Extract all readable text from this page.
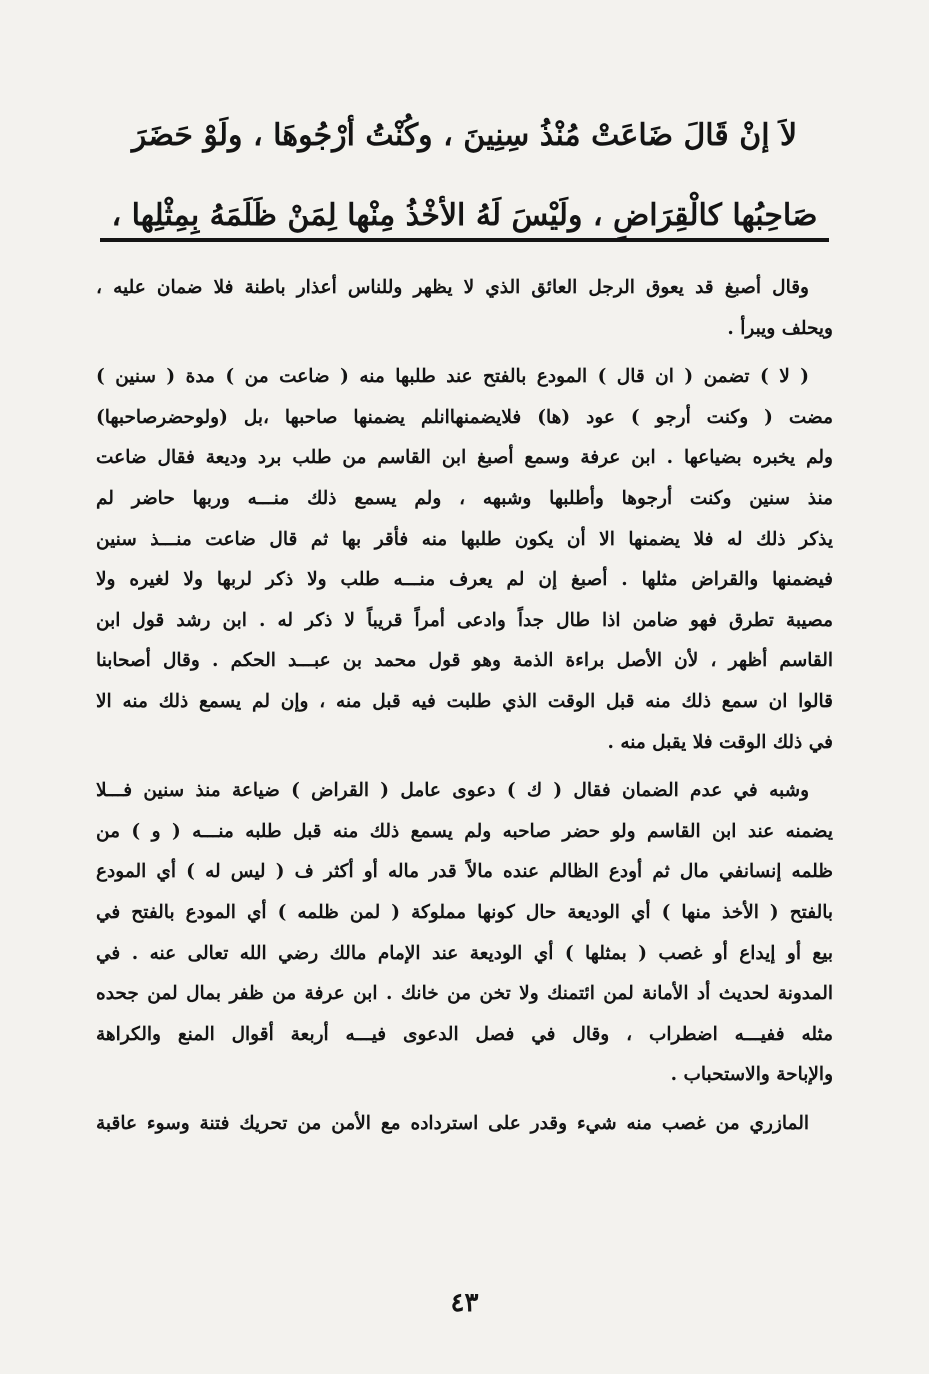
لاَ إنْ قَالَ ضَاعَتْ مُنْذُ سِنِينَ ، وكُنْتُ أرْجُوهَا ، ولَوْ حَضَرَ
صَاحِبُها كالْقِرَاضِ ، ولَيْسَ لَهُ الأخْذُ مِنْها لِمَنْ ظَلَمَهُ بِمِثْلِها ،
وقال أصبغ قد يعوق الرجل العائق الذي لا يظهر وللناس أعذار باطنة فلا ضمان عليه ،
ويحلف ويبرأ .
( لا ) تضمن ( ان قال ) المودع بالفتح عند طلبها منه ( ضاعت من ) مدة ( سنين )
مضت ( وكنت أرجو ) عود (ها) فلايضمنهاانلم يضمنها صاحبها ،بل (ولوحضرصاحبها)
ولم يخبره بضياعها . ابن عرفة وسمع أصبغ ابن القاسم من طلب برد وديعة فقال ضاعت
منذ سنين وكنت أرجوها وأطلبها وشبهه ، ولم يسمع ذلك منـــه وربها حاضر لم
يذكر ذلك له فلا يضمنها الا أن يكون طلبها منه فأقر بها ثم قال ضاعت منـــذ سنين
فيضمنها والقراض مثلها . أصبغ إن لم يعرف منـــه طلب ولا ذكر لربها ولا لغيره ولا
مصيبة تطرق فهو ضامن اذا طال جداً وادعى أمراً قريباً لا ذكر له . ابن رشد قول ابن
القاسم أظهر ، لأن الأصل براءة الذمة وهو قول محمد بن عبـــد الحكم . وقال أصحابنا
قالوا ان سمع ذلك منه قبل الوقت الذي طلبت فيه قبل منه ، وإن لم يسمع ذلك منه الا
في ذلك الوقت فلا يقبل منه .
وشبه في عدم الضمان فقال ( ك ) دعوى عامل ( القراض ) ضياعة منذ سنين فـــلا
يضمنه عند ابن القاسم ولو حضر صاحبه ولم يسمع ذلك منه قبل طلبه منـــه ( و ) من
ظلمه إنسانفي مال ثم أودع الظالم عنده مالاً قدر ماله أو أكثر ف ( ليس له ) أي المودع
بالفتح ( الأخذ منها ) أي الوديعة حال كونها مملوكة ( لمن ظلمه ) أي المودع بالفتح في
بيع أو إيداع أو غصب ( بمثلها ) أي الوديعة عند الإمام مالك رضي الله تعالى عنه . في
المدونة لحديث أد الأمانة لمن ائتمنك ولا تخن من خانك . ابن عرفة من ظفر بمال لمن جحده
مثله ففيـــه اضطراب ، وقال في فصل الدعوى فيـــه أربعة أقوال المنع والكراهة
والإباحة والاستحباب .
المازري من غصب منه شيء وقدر على استرداده مع الأمن من تحريك فتنة وسوء عاقبة
٤٣
